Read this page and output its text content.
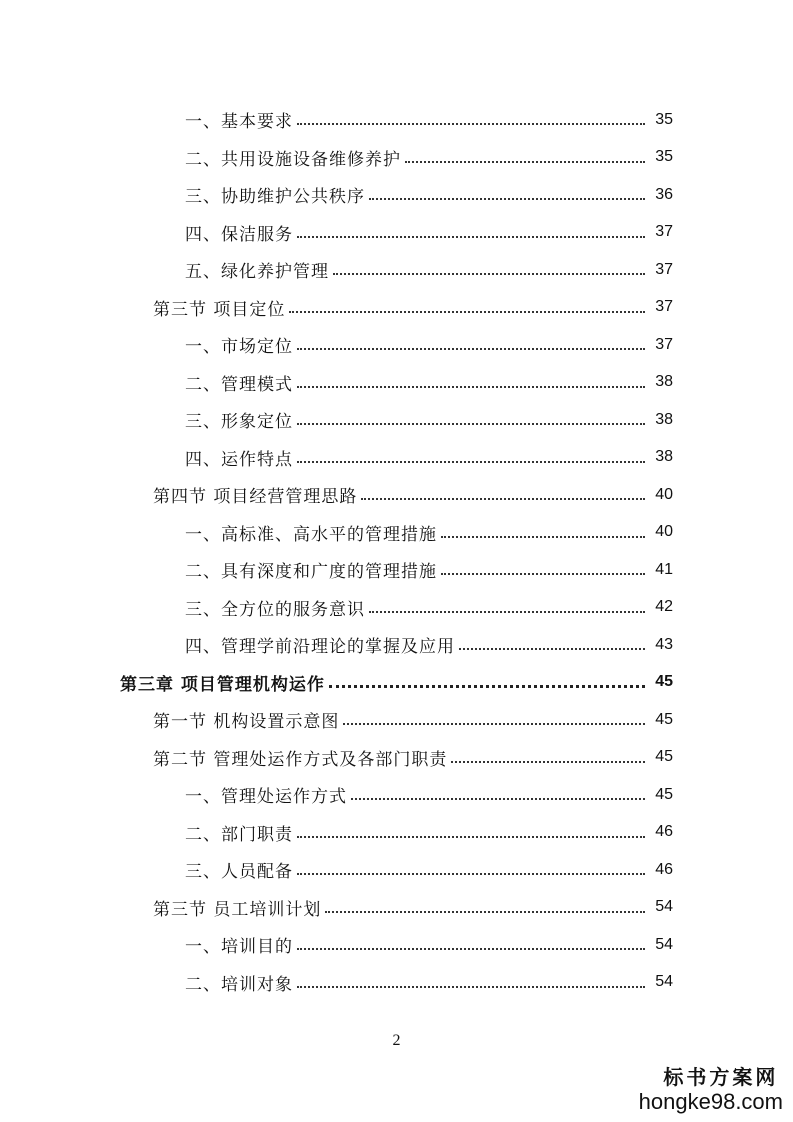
一、基本要求	35
二、共用设施设备维修养护	35
三、协助维护公共秩序	36
四、保洁服务	37
五、绿化养护管理	37
第三节 项目定位	37
一、市场定位	37
二、管理模式	38
三、形象定位	38
四、运作特点	38
第四节 项目经营管理思路	40
一、高标准、高水平的管理措施	40
二、具有深度和广度的管理措施	41
三、全方位的服务意识	42
四、管理学前沿理论的掌握及应用	43
第三章 项目管理机构运作	45
第一节 机构设置示意图	45
第二节 管理处运作方式及各部门职责	45
一、管理处运作方式	45
二、部门职责	46
三、人员配备	46
第三节 员工培训计划	54
一、培训目的	54
二、培训对象	54
2
标书方案网
hongke98.com
